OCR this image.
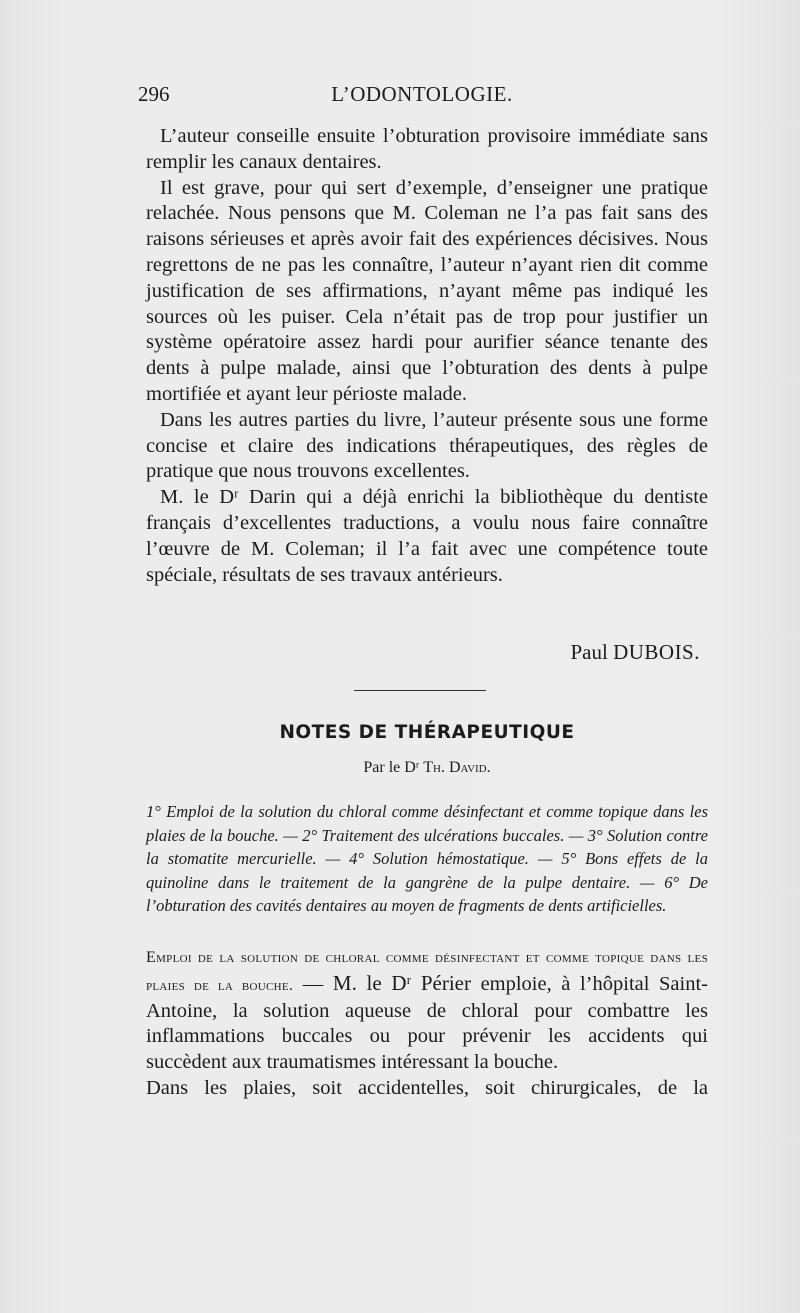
296	L’ODONTOLOGIE.

L’auteur conseille ensuite l’obturation provisoire immédiate sans remplir les canaux dentaires.

Il est grave, pour qui sert d’exemple, d’enseigner une pratique relachée. Nous pensons que M. Coleman ne l’a pas fait sans des raisons sérieuses et après avoir fait des expériences décisives. Nous regrettons de ne pas les connaître, l’auteur n’ayant rien dit comme justification de ses affirmations, n’ayant même pas indiqué les sources où les puiser. Cela n’était pas de trop pour justifier un système opératoire assez hardi pour aurifier séance tenante des dents à pulpe malade, ainsi que l’obturation des dents à pulpe mortifiée et ayant leur périoste malade.

Dans les autres parties du livre, l’auteur présente sous une forme concise et claire des indications thérapeutiques, des règles de pratique que nous trouvons excellentes.

M. le Dʳ Darin qui a déjà enrichi la bibliothèque du dentiste français d’excellentes traductions, a voulu nous faire connaître l’œuvre de M. Coleman; il l’a fait avec une compétence toute spéciale, résultats de ses travaux antérieurs.

Paul DUBOIS.
NOTES DE THÉRAPEUTIQUE
Par le Dʳ Th. David.
1° Emploi de la solution du chloral comme désinfectant et comme topique dans les plaies de la bouche. — 2° Traitement des ulcérations buccales. — 3° Solution contre la stomatite mercurielle. — 4° Solution hémostatique. — 5° Bons effets de la quinoline dans le traitement de la gangrène de la pulpe dentaire. — 6° De l’obturation des cavités dentaires au moyen de fragments de dents artificielles.

Emploi de la solution de chloral comme désinfectant et comme topique dans les plaies de la bouche. — M. le Dʳ Périer emploie, à l’hôpital Saint-Antoine, la solution aqueuse de chloral pour combattre les inflammations buccales ou pour prévenir les accidents qui succèdent aux traumatismes intéressant la bouche.

Dans les plaies, soit accidentelles, soit chirurgicales, de la
